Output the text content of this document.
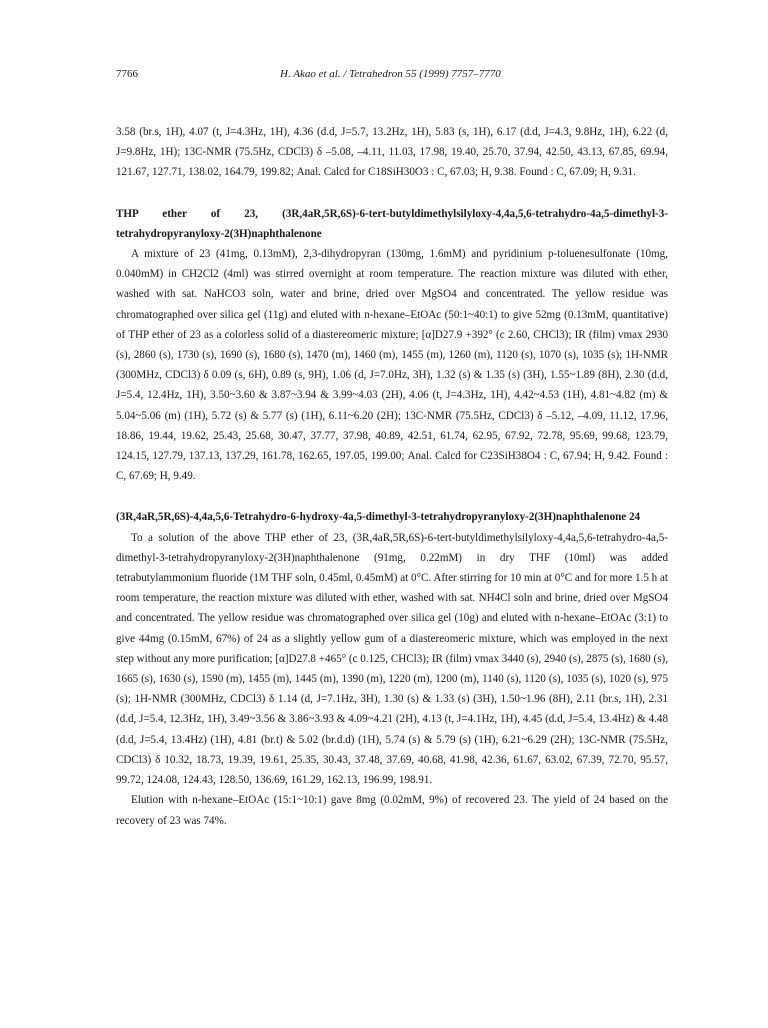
7766	H. Akao et al. / Tetrahedron 55 (1999) 7757–7770

3.58 (br.s, 1H), 4.07 (t, J=4.3Hz, 1H), 4.36 (d.d, J=5.7, 13.2Hz, 1H), 5.83 (s, 1H), 6.17 (d.d, J=4.3, 9.8Hz, 1H), 6.22 (d, J=9.8Hz, 1H); 13C-NMR (75.5Hz, CDCl3) δ –5.08, –4.11, 11.03, 17.98, 19.40, 25.70, 37.94, 42.50, 43.13, 67.85, 69.94, 121.67, 127.71, 138.02, 164.79, 199.82; Anal. Calcd for C18SiH30O3 : C, 67.03; H, 9.38. Found : C, 67.09; H, 9.31.

THP ether of 23, (3R,4aR,5R,6S)-6-tert-butyldimethylsilyloxy-4,4a,5,6-tetrahydro-4a,5-dimethyl-3-tetrahydropyranyloxy-2(3H)naphthalenone

A mixture of 23 (41mg, 0.13mM), 2,3-dihydropyran (130mg, 1.6mM) and pyridinium p-toluenesulfonate (10mg, 0.040mM) in CH2Cl2 (4ml) was stirred overnight at room temperature. The reaction mixture was diluted with ether, washed with sat. NaHCO3 soln, water and brine, dried over MgSO4 and concentrated. The yellow residue was chromatographed over silica gel (11g) and eluted with n-hexane–EtOAc (50:1~40:1) to give 52mg (0.13mM, quantitative) of THP ether of 23 as a colorless solid of a diastereomeric mixture; [α]D27.9 +392° (c 2.60, CHCl3); IR (film) vmax 2930 (s), 2860 (s), 1730 (s), 1690 (s), 1680 (s), 1470 (m), 1460 (m), 1455 (m), 1260 (m), 1120 (s), 1070 (s), 1035 (s); 1H-NMR (300MHz, CDCl3) δ 0.09 (s, 6H), 0.89 (s, 9H), 1.06 (d, J=7.0Hz, 3H), 1.32 (s) & 1.35 (s) (3H), 1.55~1.89 (8H), 2.30 (d.d, J=5.4, 12.4Hz, 1H), 3.50~3.60 & 3.87~3.94 & 3.99~4.03 (2H), 4.06 (t, J=4.3Hz, 1H), 4.42~4.53 (1H), 4.81~4.82 (m) & 5.04~5.06 (m) (1H), 5.72 (s) & 5.77 (s) (1H), 6.11~6.20 (2H); 13C-NMR (75.5Hz, CDCl3) δ –5.12, –4.09, 11.12, 17.96, 18.86, 19.44, 19.62, 25.43, 25.68, 30.47, 37.77, 37.98, 40.89, 42.51, 61.74, 62.95, 67.92, 72.78, 95.69, 99.68, 123.79, 124.15, 127.79, 137.13, 137.29, 161.78, 162.65, 197.05, 199.00; Anal. Calcd for C23SiH38O4 : C, 67.94; H, 9.42. Found : C, 67.69; H, 9.49.

(3R,4aR,5R,6S)-4,4a,5,6-Tetrahydro-6-hydroxy-4a,5-dimethyl-3-tetrahydropyranyloxy-2(3H)naphthalenone 24

To a solution of the above THP ether of 23, (3R,4aR,5R,6S)-6-tert-butyldimethylsilyloxy-4,4a,5,6-tetrahydro-4a,5-dimethyl-3-tetrahydropyranyloxy-2(3H)naphthalenone (91mg, 0.22mM) in dry THF (10ml) was added tetrabutylammonium fluoride (1M THF soln, 0.45ml, 0.45mM) at 0°C. After stirring for 10 min at 0°C and for more 1.5 h at room temperature, the reaction mixture was diluted with ether, washed with sat. NH4Cl soln and brine, dried over MgSO4 and concentrated. The yellow residue was chromatographed over silica gel (10g) and eluted with n-hexane–EtOAc (3:1) to give 44mg (0.15mM, 67%) of 24 as a slightly yellow gum of a diastereomeric mixture, which was employed in the next step without any more purification; [α]D27.8 +465° (c 0.125, CHCl3); IR (film) vmax 3440 (s), 2940 (s), 2875 (s), 1680 (s), 1665 (s), 1630 (s), 1590 (m), 1455 (m), 1445 (m), 1390 (m), 1220 (m), 1200 (m), 1140 (s), 1120 (s), 1035 (s), 1020 (s), 975 (s); 1H-NMR (300MHz, CDCl3) δ 1.14 (d, J=7.1Hz, 3H), 1.30 (s) & 1.33 (s) (3H), 1.50~1.96 (8H), 2.11 (br.s, 1H), 2.31 (d.d, J=5.4, 12.3Hz, 1H), 3.49~3.56 & 3.86~3.93 & 4.09~4.21 (2H), 4.13 (t, J=4.1Hz, 1H), 4.45 (d.d, J=5.4, 13.4Hz) & 4.48 (d.d, J=5.4, 13.4Hz) (1H), 4.81 (br.t) & 5.02 (br.d.d) (1H), 5.74 (s) & 5.79 (s) (1H), 6.21~6.29 (2H); 13C-NMR (75.5Hz, CDCl3) δ 10.32, 18.73, 19.39, 19.61, 25.35, 30.43, 37.48, 37.69, 40.68, 41.98, 42.36, 61.67, 63.02, 67.39, 72.70, 95.57, 99.72, 124.08, 124.43, 128.50, 136.69, 161.29, 162.13, 196.99, 198.91.

Elution with n-hexane–EtOAc (15:1~10:1) gave 8mg (0.02mM, 9%) of recovered 23. The yield of 24 based on the recovery of 23 was 74%.
